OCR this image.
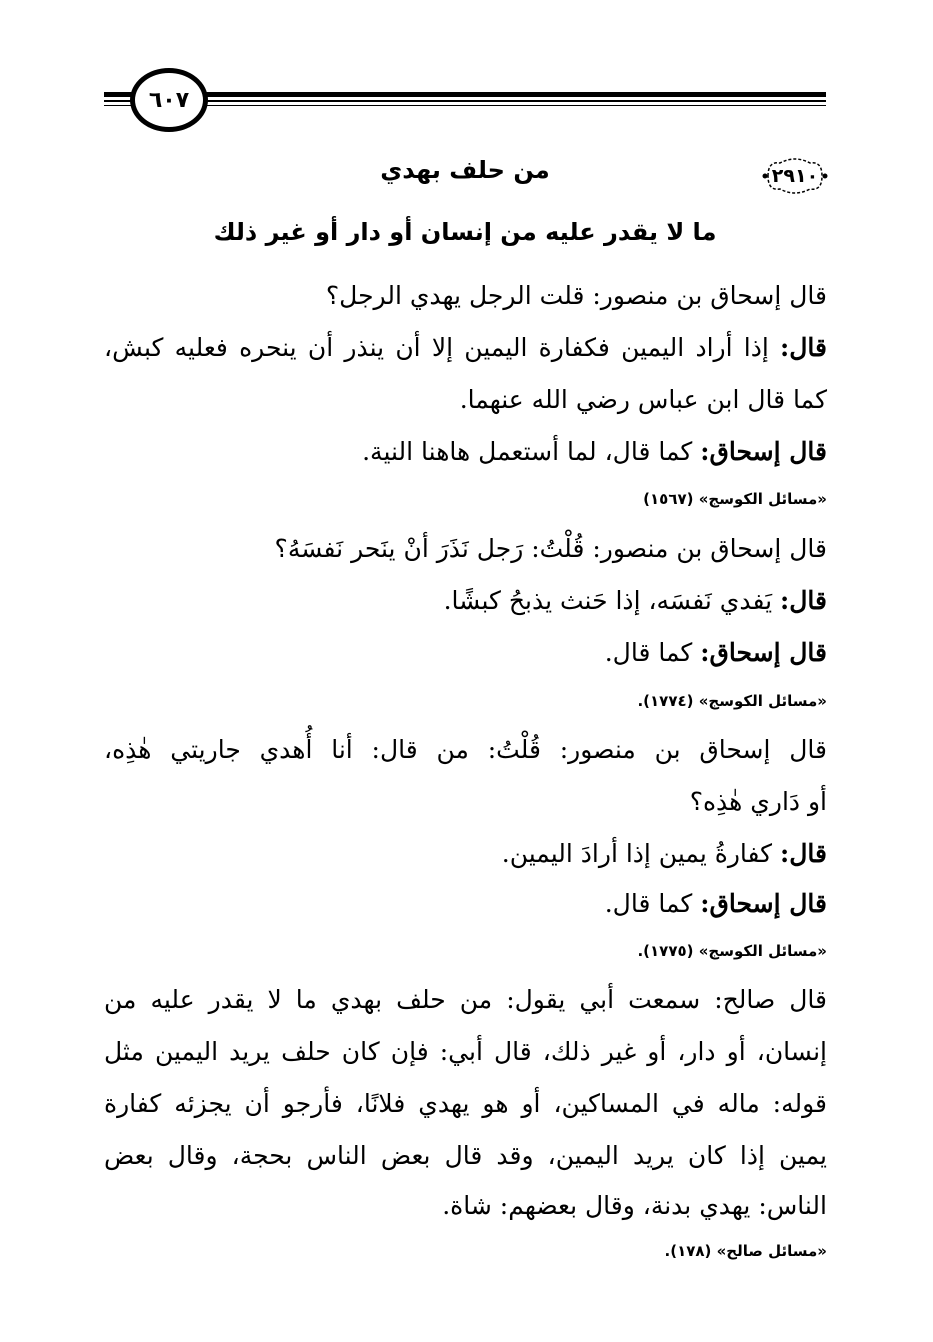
٦٠٧
٢٩١٠
من حلف بهدي
ما لا يقدر عليه من إنسان أو دار أو غير ذلك
قال إسحاق بن منصور: قلت الرجل يهدي الرجل؟
قال: إذا أراد اليمين فكفارة اليمين إلا أن ينذر أن ينحره فعليه كبش،
كما قال ابن عباس رضي الله عنهما.
قال إسحاق: كما قال، لما أستعمل هاهنا النية.
«مسائل الكوسج» (١٥٦٧)
قال إسحاق بن منصور: قُلْتُ: رَجل نَذَرَ أنْ ينَحر نَفسَهُ؟
قال: يَفدي نَفسَه، إذا حَنث يذبحُ كبشًا.
قال إسحاق: كما قال.
«مسائل الكوسج» (١٧٧٤).
قال إسحاق بن منصور: قُلْتُ: من قال: أنا أُهدي جاريتي هٰذِه،
أو دَاري هٰذِه؟
قال: كفارةُ يمين إذا أرادَ اليمين.
قال إسحاق: كما قال.
«مسائل الكوسج» (١٧٧٥).
قال صالح: سمعت أبي يقول: من حلف بهدي ما لا يقدر عليه من
إنسان، أو دار، أو غير ذلك، قال أبي: فإن كان حلف يريد اليمين مثل
قوله: ماله في المساكين، أو هو يهدي فلانًا، فأرجو أن يجزئه كفارة
يمين إذا كان يريد اليمين، وقد قال بعض الناس بحجة، وقال بعض
الناس: يهدي بدنة، وقال بعضهم: شاة.
«مسائل صالح» (١٧٨).
